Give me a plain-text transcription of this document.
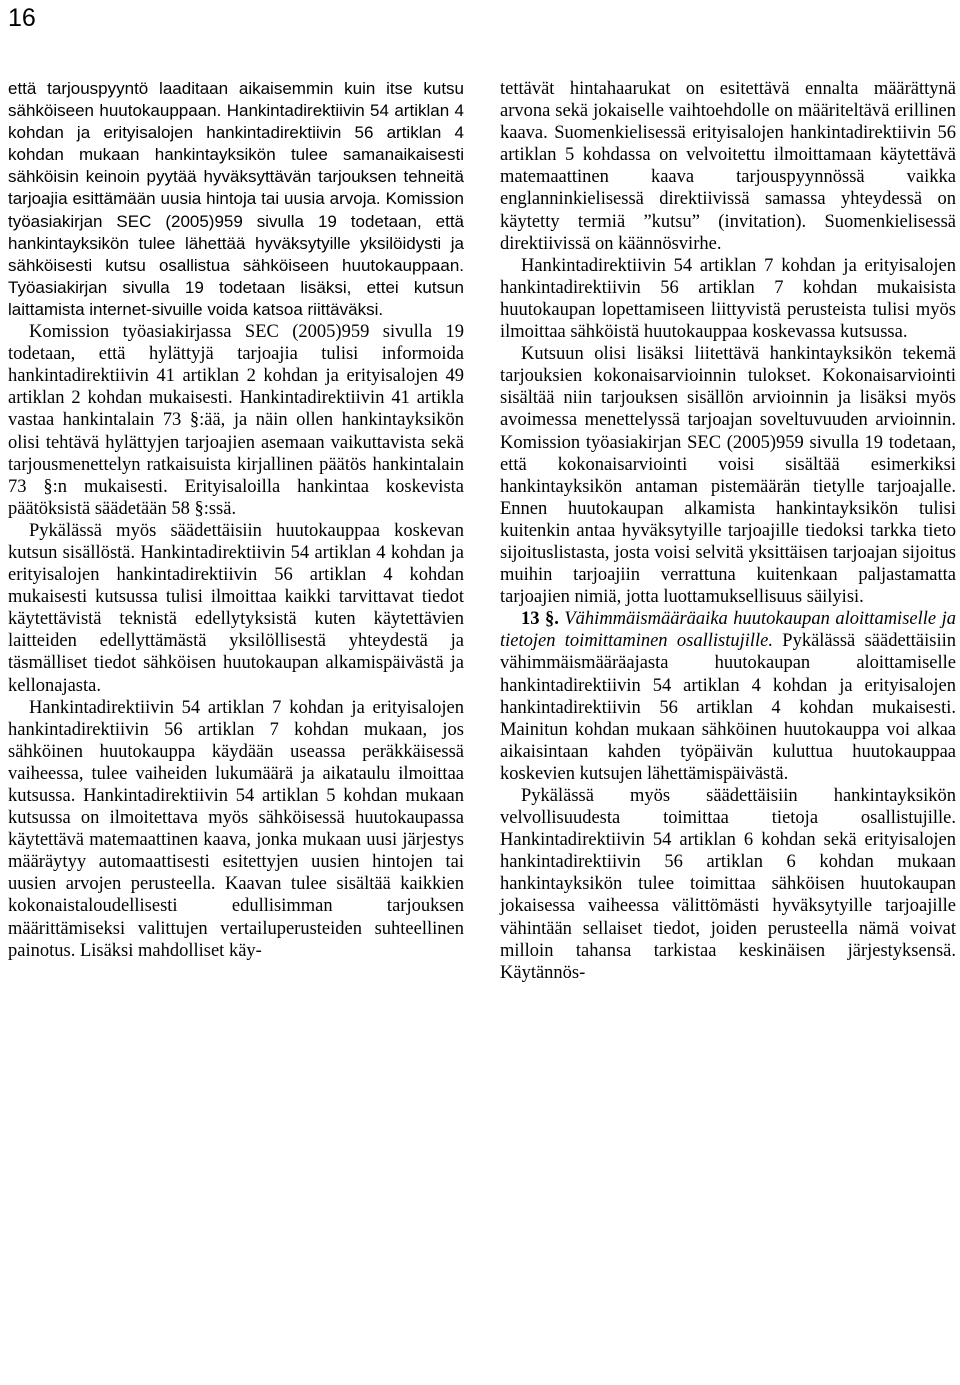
16

että tarjouspyyntö laaditaan aikaisemmin kuin itse kutsu sähköiseen huutokauppaan. Hankintadirektiivin 54 artiklan 4 kohdan ja erityisalojen hankintadirektiivin 56 artiklan 4 kohdan mukaan hankintayksikön tulee samanaikaisesti sähköisin keinoin pyytää hyväksyttävän tarjouksen tehneitä tarjoajia esittämään uusia hintoja tai uusia arvoja. Komission työasiakirjan SEC (2005)959 sivulla 19 todetaan, että hankintayksikön tulee lähettää hyväksytyille yksilöidysti ja sähköisesti kutsu osallistua sähköiseen huutokauppaan. Työasiakirjan sivulla 19 todetaan lisäksi, ettei kutsun laittamista internet-sivuille voida katsoa riittäväksi.

Komission työasiakirjassa SEC (2005)959 sivulla 19 todetaan, että hylättyjä tarjoajia tulisi informoida hankintadirektiivin 41 artiklan 2 kohdan ja erityisalojen 49 artiklan 2 kohdan mukaisesti. Hankintadirektiivin 41 artikla vastaa hankintalain 73 §:ää, ja näin ollen hankintayksikön olisi tehtävä hylättyjen tarjoajien asemaan vaikuttavista sekä tarjousmenettelyn ratkaisuista kirjallinen päätös hankintalain 73 §:n mukaisesti. Erityisaloilla hankintaa koskevista päätöksistä säädetään 58 §:ssä.

Pykälässä myös säädettäisiin huutokauppaa koskevan kutsun sisällöstä. Hankintadirektiivin 54 artiklan 4 kohdan ja erityisalojen hankintadirektiivin 56 artiklan 4 kohdan mukaisesti kutsussa tulisi ilmoittaa kaikki tarvittavat tiedot käytettävistä teknistä edellytyksistä kuten käytettävien laitteiden edellyttämästä yksilöllisestä yhteydestä ja täsmälliset tiedot sähköisen huutokaupan alkamispäivästä ja kellonajasta.

Hankintadirektiivin 54 artiklan 7 kohdan ja erityisalojen hankintadirektiivin 56 artiklan 7 kohdan mukaan, jos sähköinen huutokauppa käydään useassa peräkkäisessä vaiheessa, tulee vaiheiden lukumäärä ja aikataulu ilmoittaa kutsussa. Hankintadirektiivin 54 artiklan 5 kohdan mukaan kutsussa on ilmoitettava myös sähköisessä huutokaupassa käytettävä matemaattinen kaava, jonka mukaan uusi järjestys määräytyy automaattisesti esitettyjen uusien hintojen tai uusien arvojen perusteella. Kaavan tulee sisältää kaikkien kokonaistaloudellisesti edullisimman tarjouksen määrittämiseksi valittujen vertailuperusteiden suhteellinen painotus. Lisäksi mahdolliset käy-

tettävät hintahaarukat on esitettävä ennalta määrättynä arvona sekä jokaiselle vaihtoehdolle on määriteltävä erillinen kaava. Suomenkielisessä erityisalojen hankintadirektiivin 56 artiklan 5 kohdassa on velvoitettu ilmoittamaan käytettävä matemaattinen kaava tarjouspyynnössä vaikka englanninkielisessä direktiivissä samassa yhteydessä on käytetty termiä ”kutsu” (invitation). Suomenkielisessä direktiivissä on käännösvirhe.

Hankintadirektiivin 54 artiklan 7 kohdan ja erityisalojen hankintadirektiivin 56 artiklan 7 kohdan mukaisista huutokaupan lopettamiseen liittyvistä perusteista tulisi myös ilmoittaa sähköistä huutokauppaa koskevassa kutsussa.

Kutsuun olisi lisäksi liitettävä hankintayksikön tekemä tarjouksien kokonaisarvioinnin tulokset. Kokonaisarviointi sisältää niin tarjouksen sisällön arvioinnin ja lisäksi myös avoimessa menettelyssä tarjoajan soveltuvuuden arvioinnin. Komission työasiakirjan SEC (2005)959 sivulla 19 todetaan, että kokonaisarviointi voisi sisältää esimerkiksi hankintayksikön antaman pistemäärän tietylle tarjoajalle. Ennen huutokaupan alkamista hankintayksikön tulisi kuitenkin antaa hyväksytyille tarjoajille tiedoksi tarkka tieto sijoituslistasta, josta voisi selvitä yksittäisen tarjoajan sijoitus muihin tarjoajiin verrattuna kuitenkaan paljastamatta tarjoajien nimiä, jotta luottamuksellisuus säilyisi.

13 §. Vähimmäismääräaika huutokaupan aloittamiselle ja tietojen toimittaminen osallistujille. Pykälässä säädettäisiin vähimmäismääräajasta huutokaupan aloittamiselle hankintadirektiivin 54 artiklan 4 kohdan ja erityisalojen hankintadirektiivin 56 artiklan 4 kohdan mukaisesti. Mainitun kohdan mukaan sähköinen huutokauppa voi alkaa aikaisintaan kahden työpäivän kuluttua huutokauppaa koskevien kutsujen lähettämispäivästä.

Pykälässä myös säädettäisiin hankintayksikön velvollisuudesta toimittaa tietoja osallistujille. Hankintadirektiivin 54 artiklan 6 kohdan sekä erityisalojen hankintadirektiivin 56 artiklan 6 kohdan mukaan hankintayksikön tulee toimittaa sähköisen huutokaupan jokaisessa vaiheessa välittömästi hyväksytyille tarjoajille vähintään sellaiset tiedot, joiden perusteella nämä voivat milloin tahansa tarkistaa keskinäisen järjestyksensä. Käytännös-
